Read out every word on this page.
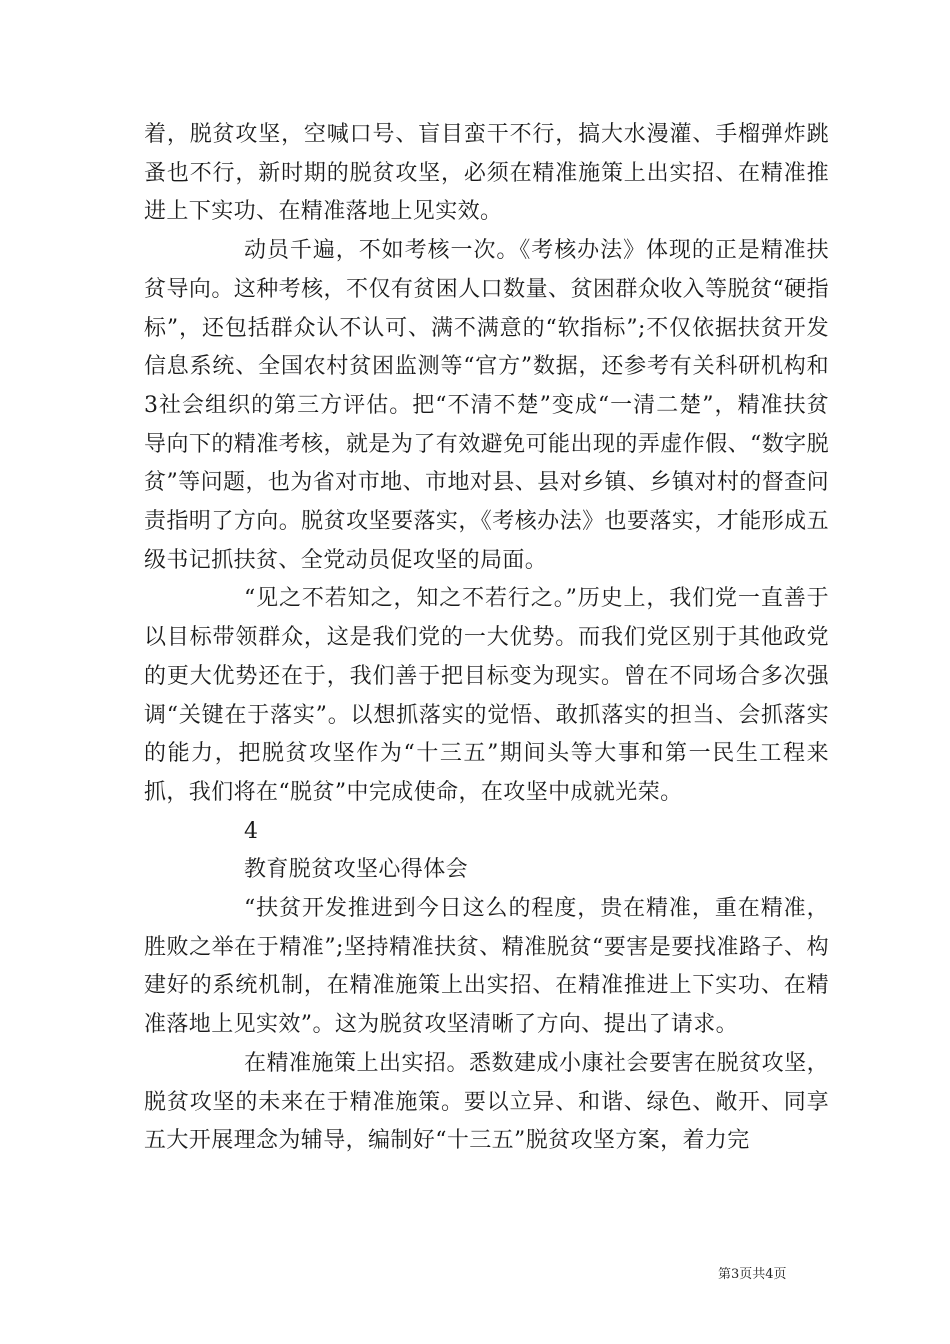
着，脱贫攻坚，空喊口号、盲目蛮干不行，搞大水漫灌、手榴弹炸跳蚤也不行，新时期的脱贫攻坚，必须在精准施策上出实招、在精准推进上下实功、在精准落地上见实效。

动员千遍，不如考核一次。《考核办法》体现的正是精准扶贫导向。这种考核，不仅有贫困人口数量、贫困群众收入等脱贫“硬指标”，还包括群众认不认可、满不满意的“软指标”;不仅依据扶贫开发信息系统、全国农村贫困监测等“官方”数据，还参考有关科研机构和3社会组织的第三方评估。把“不清不楚”变成“一清二楚”，精准扶贫导向下的精准考核，就是为了有效避免可能出现的弄虚作假、“数字脱贫”等问题，也为省对市地、市地对县、县对乡镇、乡镇对村的督查问责指明了方向。脱贫攻坚要落实，《考核办法》也要落实，才能形成五级书记抓扶贫、全党动员促攻坚的局面。

“见之不若知之，知之不若行之。”历史上，我们党一直善于以目标带领群众，这是我们党的一大优势。而我们党区别于其他政党的更大优势还在于，我们善于把目标变为现实。曾在不同场合多次强调“关键在于落实”。以想抓落实的觉悟、敢抓落实的担当、会抓落实的能力，把脱贫攻坚作为“十三五”期间头等大事和第一民生工程来抓，我们将在“脱贫”中完成使命，在攻坚中成就光荣。

4

教育脱贫攻坚心得体会

“扶贫开发推进到今日这么的程度，贵在精准，重在精准，胜败之举在于精准”;坚持精准扶贫、精准脱贫“要害是要找准路子、构建好的系统机制，在精准施策上出实招、在精准推进上下实功、在精准落地上见实效”。这为脱贫攻坚清晰了方向、提出了请求。

在精准施策上出实招。悉数建成小康社会要害在脱贫攻坚，脱贫攻坚的未来在于精准施策。要以立异、和谐、绿色、敞开、同享五大开展理念为辅导，编制好“十三五”脱贫攻坚方案，着力完

第3页共4页
